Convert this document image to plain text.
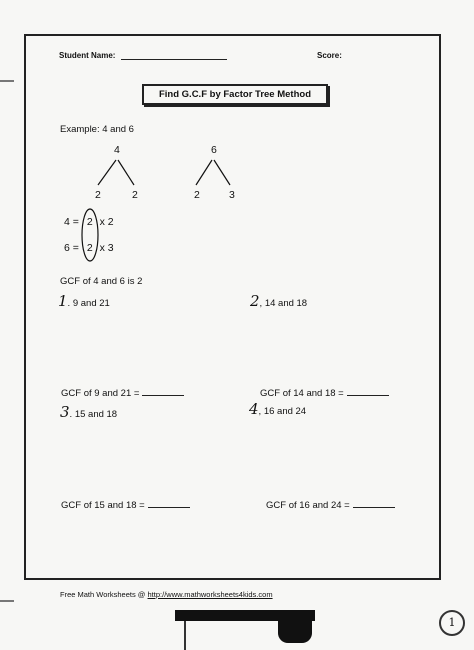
Student Name:	Score:
Find G.C.F by Factor Tree Method
Example: 4 and 6
4
2	2
6
2	3
4 = 2 x 2
6 = 2 x 3
GCF of 4 and 6 is 2
1. 9 and 21	2, 14 and 18
GCF of 9 and 21 =	GCF of 14 and 18 =
3. 15 and 18	4, 16 and 24
GCF of 15 and 18 =	GCF of 16 and 24 =
Free Math Worksheets @ http://www.mathworksheets4kids.com
1
